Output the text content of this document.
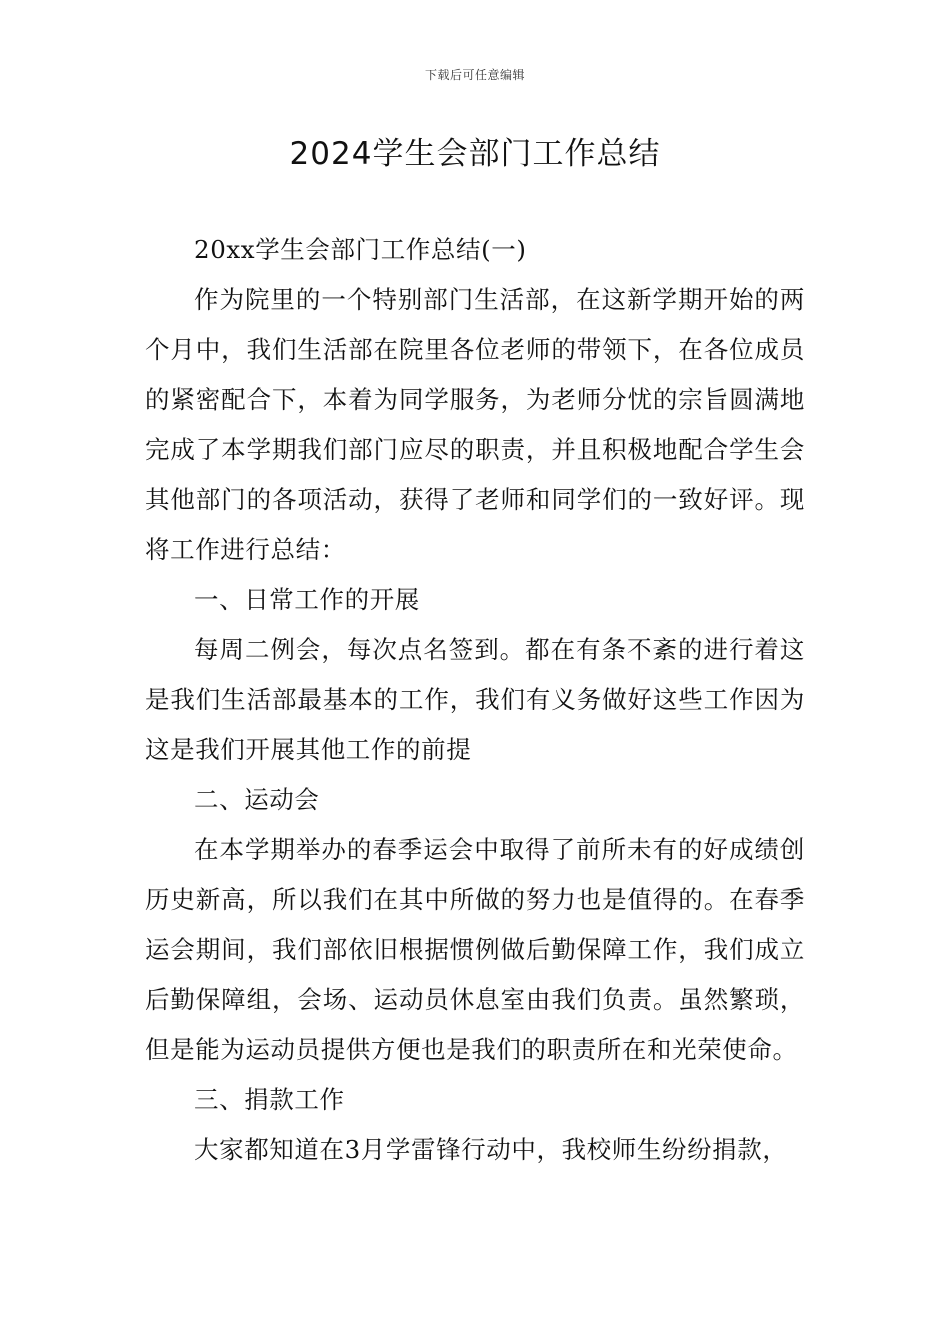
下载后可任意编辑
2024学生会部门工作总结

20xx学生会部门工作总结(一)

作为院里的一个特别部门生活部，在这新学期开始的两个月中，我们生活部在院里各位老师的带领下，在各位成员的紧密配合下，本着为同学服务，为老师分忧的宗旨圆满地完成了本学期我们部门应尽的职责，并且积极地配合学生会其他部门的各项活动，获得了老师和同学们的一致好评。现将工作进行总结：

一、日常工作的开展

每周二例会，每次点名签到。都在有条不紊的进行着这是我们生活部最基本的工作，我们有义务做好这些工作因为这是我们开展其他工作的前提

二、运动会

在本学期举办的春季运会中取得了前所未有的好成绩创历史新高，所以我们在其中所做的努力也是值得的。在春季运会期间，我们部依旧根据惯例做后勤保障工作，我们成立后勤保障组，会场、运动员休息室由我们负责。虽然繁琐，但是能为运动员提供方便也是我们的职责所在和光荣使命。

三、捐款工作

大家都知道在3月学雷锋行动中，我校师生纷纷捐款，
